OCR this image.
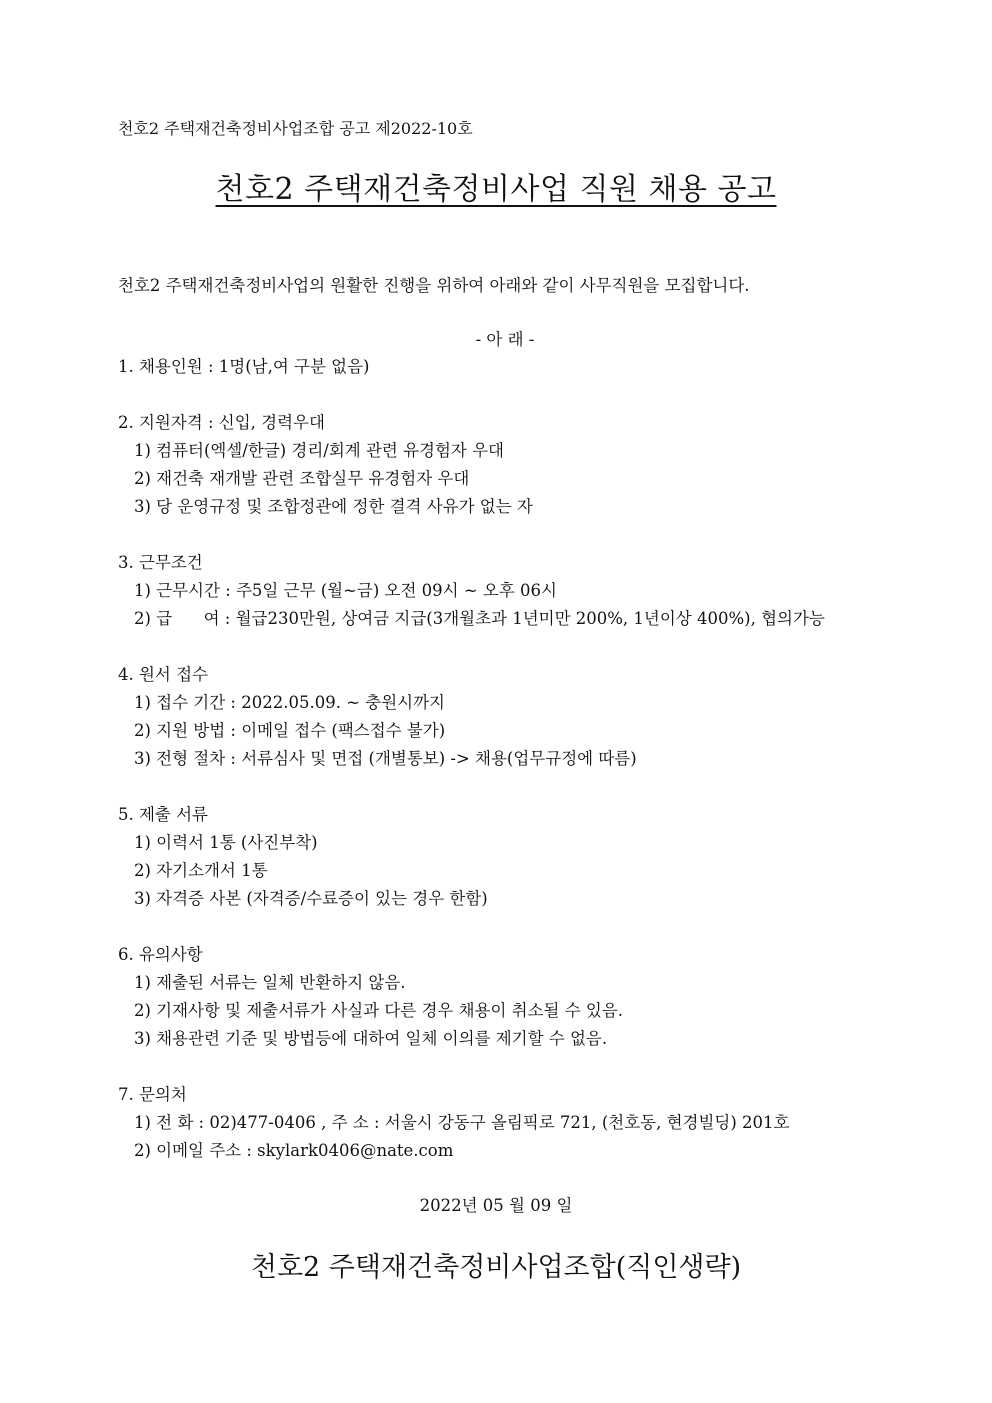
천호2 주택재건축정비사업조합 공고 제2022-10호
천호2 주택재건축정비사업 직원 채용 공고
천호2 주택재건축정비사업의 원활한 진행을 위하여 아래와 같이 사무직원을 모집합니다.
- 아 래 -
1. 채용인원 : 1명(남,여 구분 없음)
2. 지원자격 : 신입, 경력우대
1) 컴퓨터(엑셀/한글) 경리/회계 관련 유경험자 우대
2) 재건축 재개발 관련 조합실무 유경험자 우대
3) 당 운영규정 및 조합정관에 정한 결격 사유가 없는 자
3. 근무조건
1) 근무시간 : 주5일 근무 (월~금) 오전 09시 ~ 오후 06시
2) 급      여 : 월급230만원, 상여금 지급(3개월초과 1년미만 200%, 1년이상 400%), 협의가능
4. 원서 접수
1) 접수 기간 : 2022.05.09. ~ 충원시까지
2) 지원 방법 : 이메일 접수 (팩스접수 불가)
3) 전형 절차 : 서류심사 및 면접 (개별통보) -> 채용(업무규정에 따름)
5. 제출 서류
1) 이력서 1통 (사진부착)
2) 자기소개서 1통
3) 자격증 사본 (자격증/수료증이 있는 경우 한함)
6. 유의사항
1) 제출된 서류는 일체 반환하지 않음.
2) 기재사항 및 제출서류가 사실과 다른 경우 채용이 취소될 수 있음.
3) 채용관련 기준 및 방법등에 대하여 일체 이의를 제기할 수 없음.
7. 문의처
1) 전 화 : 02)477-0406 , 주 소 : 서울시 강동구 올림픽로 721, (천호동, 현경빌딩) 201호
2) 이메일 주소 : skylark0406@nate.com
2022년 05 월 09 일
천호2 주택재건축정비사업조합(직인생략)
